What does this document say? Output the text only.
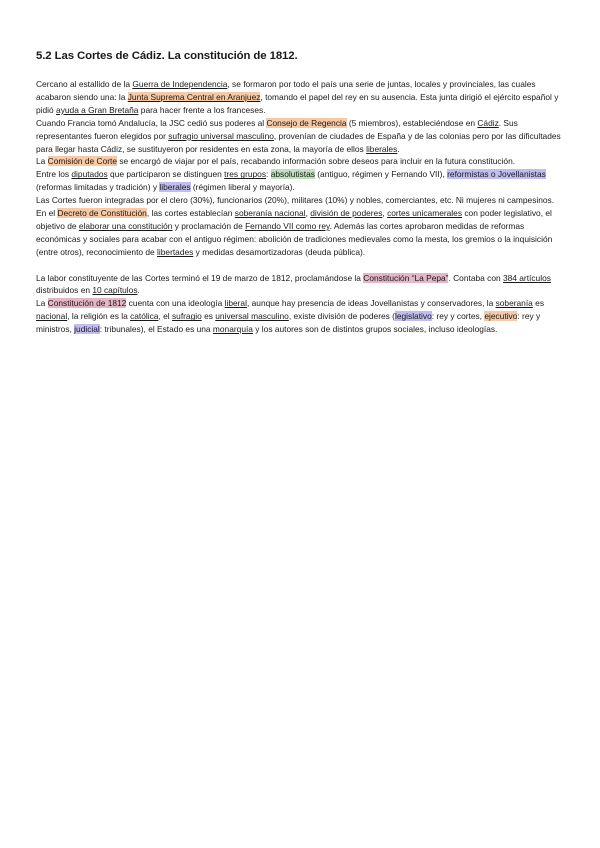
5.2 Las Cortes de Cádiz. La constitución de 1812.

Cercano al estallido de la Guerra de Independencia, se formaron por todo el país una serie de juntas, locales y provinciales, las cuales acabaron siendo una: la Junta Suprema Central en Aranjuez, tomando el papel del rey en su ausencia. Esta junta dirigió el ejército español y pidió ayuda a Gran Bretaña para hacer frente a los franceses.

Cuando Francia tomó Andalucía, la JSC cedió sus poderes al Consejo de Regencia (5 miembros), estableciéndose en Cádiz. Sus representantes fueron elegidos por sufragio universal masculino, provenían de ciudades de España y de las colonias pero por las dificultades para llegar hasta Cádiz, se sustituyeron por residentes en esta zona, la mayoría de ellos liberales.

La Comisión de Corte se encargó de viajar por el país, recabando información sobre deseos para incluir en la futura constitución.

Entre los diputados que participaron se distinguen tres grupos: absolutistas (antiguo, régimen y Fernando VII), reformistas o Jovellanistas (reformas limitadas y tradición) y liberales (régimen liberal y mayoría).

Las Cortes fueron integradas por el clero (30%), funcionarios (20%), militares (10%) y nobles, comerciantes, etc. Ni mujeres ni campesinos.

En el Decreto de Constitución, las cortes establecían soberanía nacional, división de poderes, cortes unicamerales con poder legislativo, el objetivo de elaborar una constitución y proclamación de Fernando VII como rey. Además las cortes aprobaron medidas de reformas económicas y sociales para acabar con el antiguo régimen: abolición de tradiciones medievales como la mesta, los gremios o la inquisición (entre otros), reconocimiento de libertades y medidas desamortizadoras (deuda pública).

La labor constituyente de las Cortes terminó el 19 de marzo de 1812, proclamándose la Constitución “La Pepa”. Contaba con 384 artículos distribuidos en 10 capítulos.

La Constitución de 1812 cuenta con una ideología liberal, aunque hay presencia de ideas Jovellanistas y conservadores, la soberanía es nacional, la religión es la católica, el sufragio es universal masculino, existe división de poderes (legislativo: rey y cortes, ejecutivo: rey y ministros, judicial: tribunales), el Estado es una monarquía y los autores son de distintos grupos sociales, incluso ideologías.
